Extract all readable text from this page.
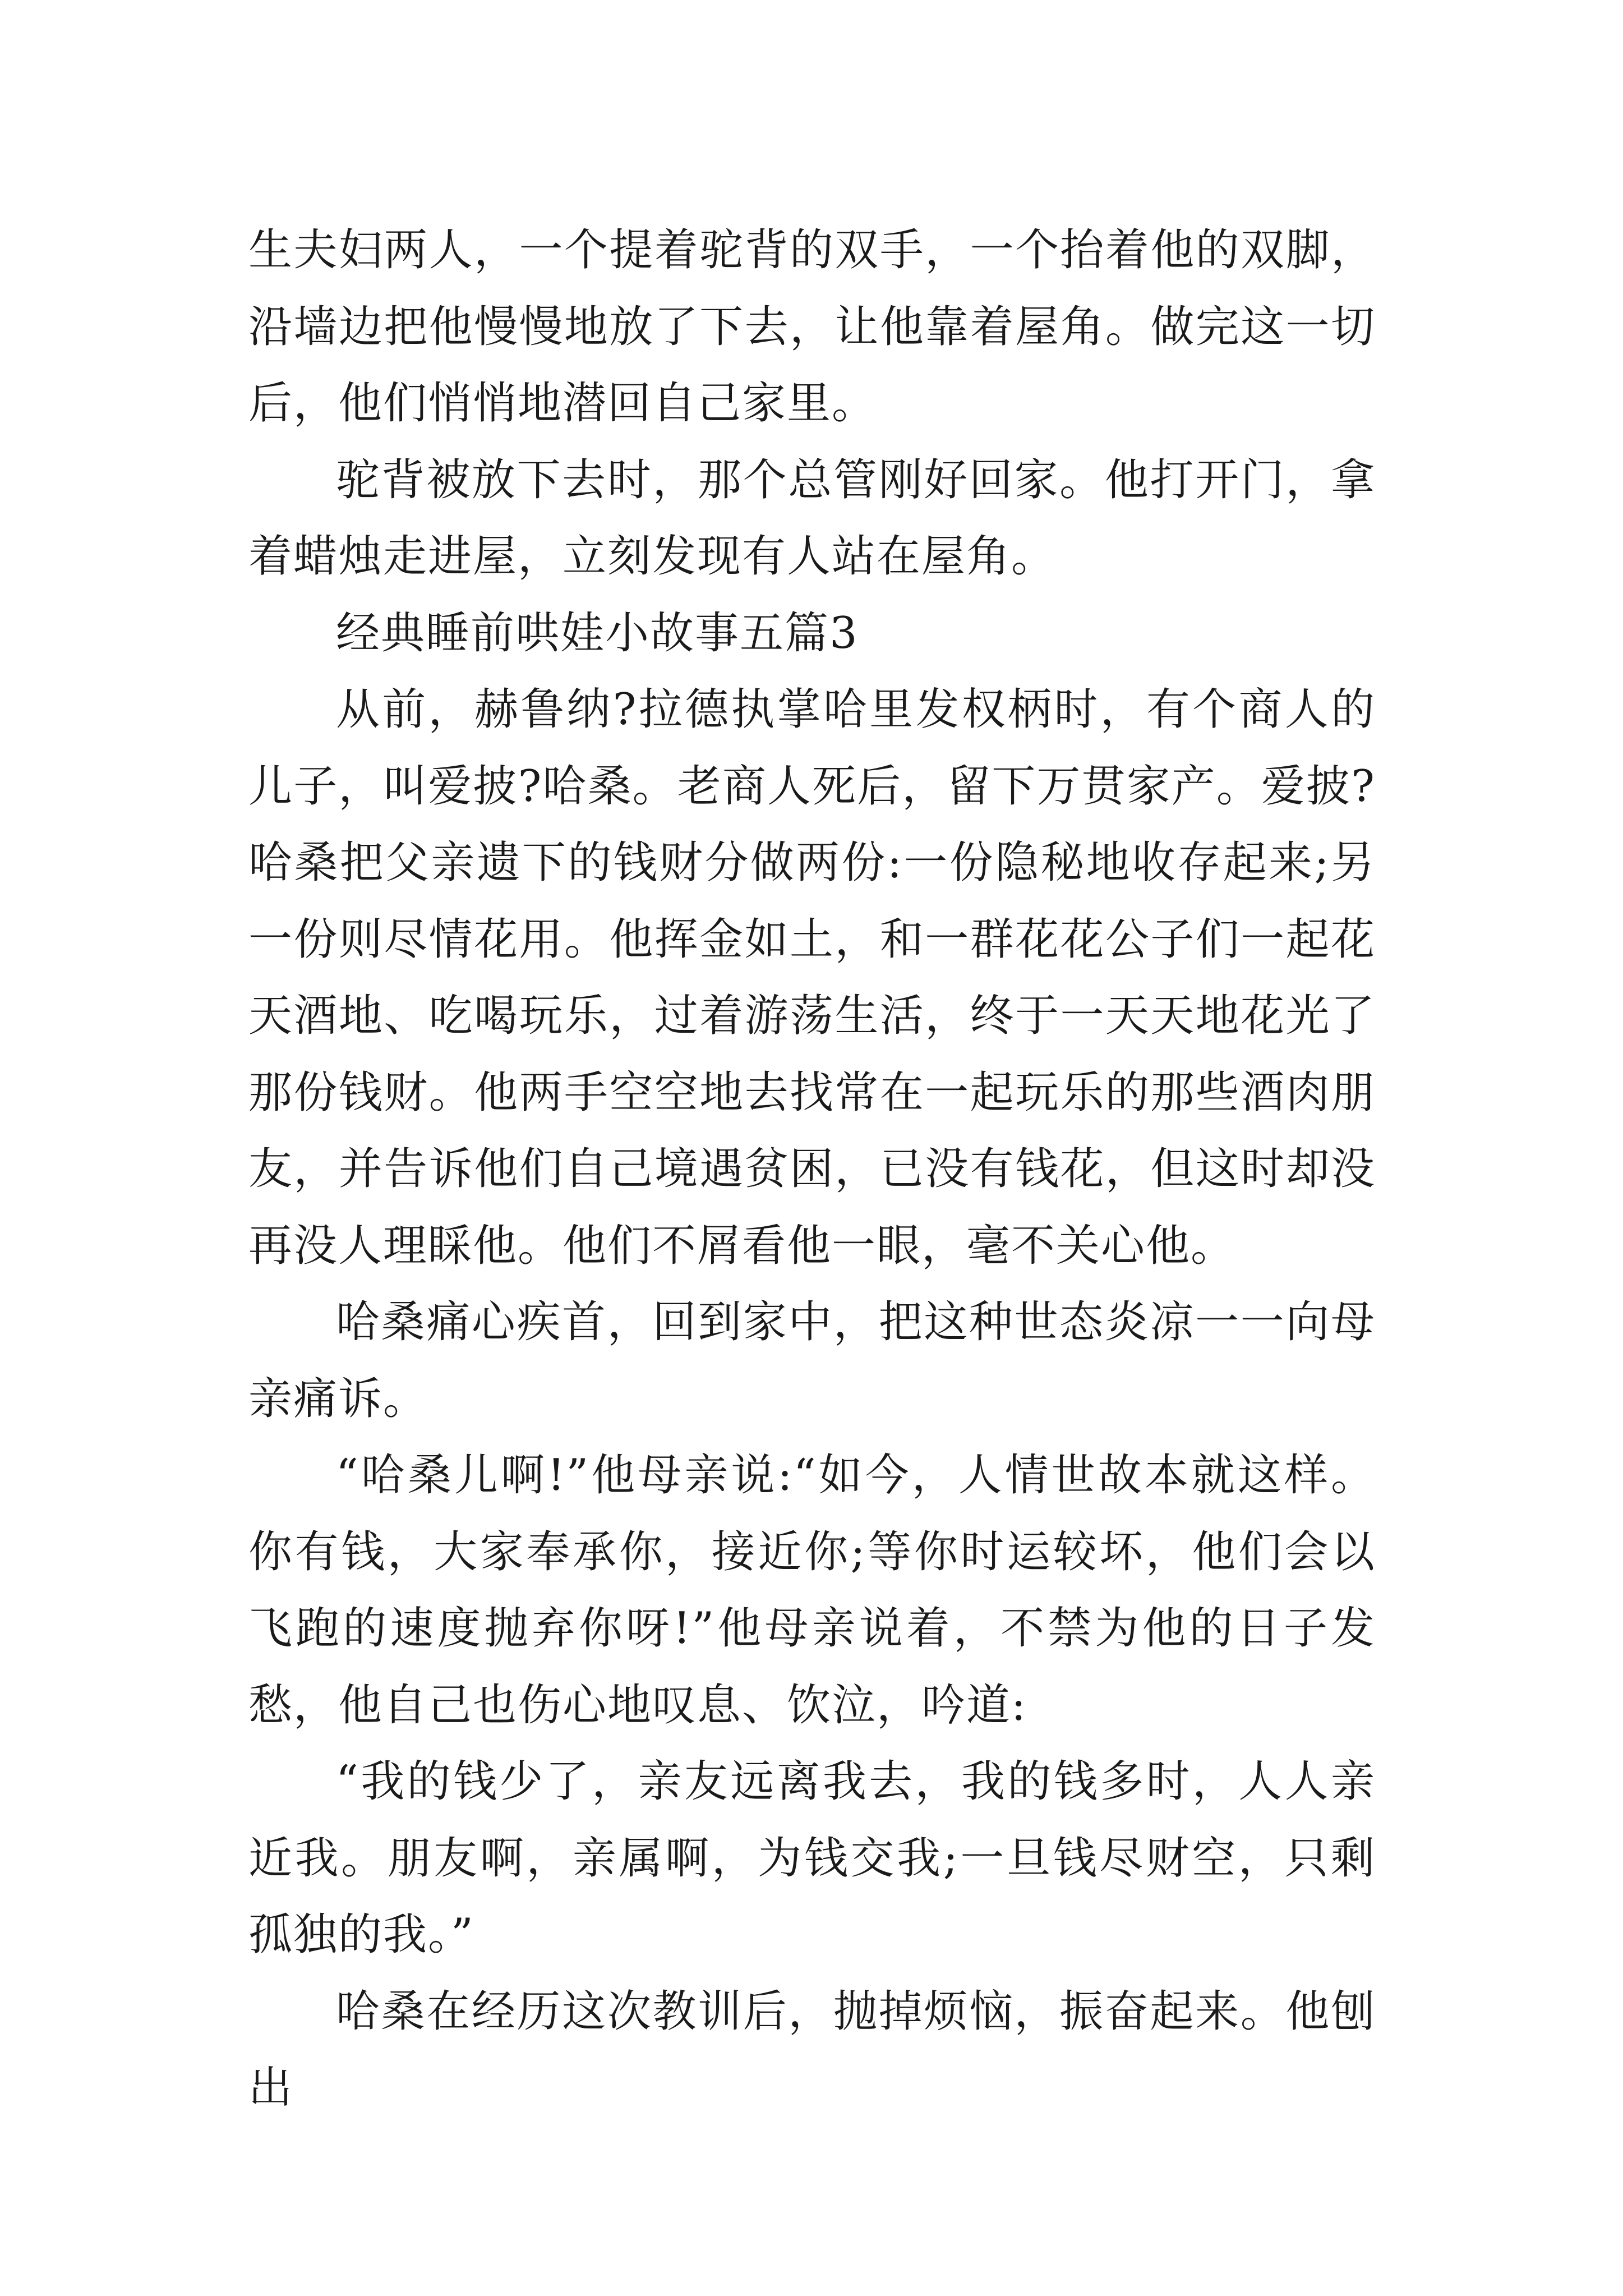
生夫妇两人，一个提着驼背的双手，一个抬着他的双脚，沿墙边把他慢慢地放了下去，让他靠着屋角。做完这一切后，他们悄悄地潜回自己家里。

驼背被放下去时，那个总管刚好回家。他打开门，拿着蜡烛走进屋，立刻发现有人站在屋角。

经典睡前哄娃小故事五篇3

从前，赫鲁纳?拉德执掌哈里发权柄时，有个商人的儿子，叫爱披?哈桑。老商人死后，留下万贯家产。爱披?哈桑把父亲遗下的钱财分做两份:一份隐秘地收存起来;另一份则尽情花用。他挥金如土，和一群花花公子们一起花天酒地、吃喝玩乐，过着游荡生活，终于一天天地花光了那份钱财。他两手空空地去找常在一起玩乐的那些酒肉朋友，并告诉他们自己境遇贫困，已没有钱花，但这时却没再没人理睬他。他们不屑看他一眼，毫不关心他。

哈桑痛心疾首，回到家中，把这种世态炎凉一一向母亲痛诉。

“哈桑儿啊!”他母亲说:“如今，人情世故本就这样。你有钱，大家奉承你，接近你;等你时运较坏，他们会以飞跑的速度抛弃你呀!”他母亲说着，不禁为他的日子发愁，他自己也伤心地叹息、饮泣，吟道:

“我的钱少了，亲友远离我去，我的钱多时，人人亲近我。朋友啊，亲属啊，为钱交我;一旦钱尽财空，只剩孤独的我。”

哈桑在经历这次教训后，抛掉烦恼，振奋起来。他刨出
